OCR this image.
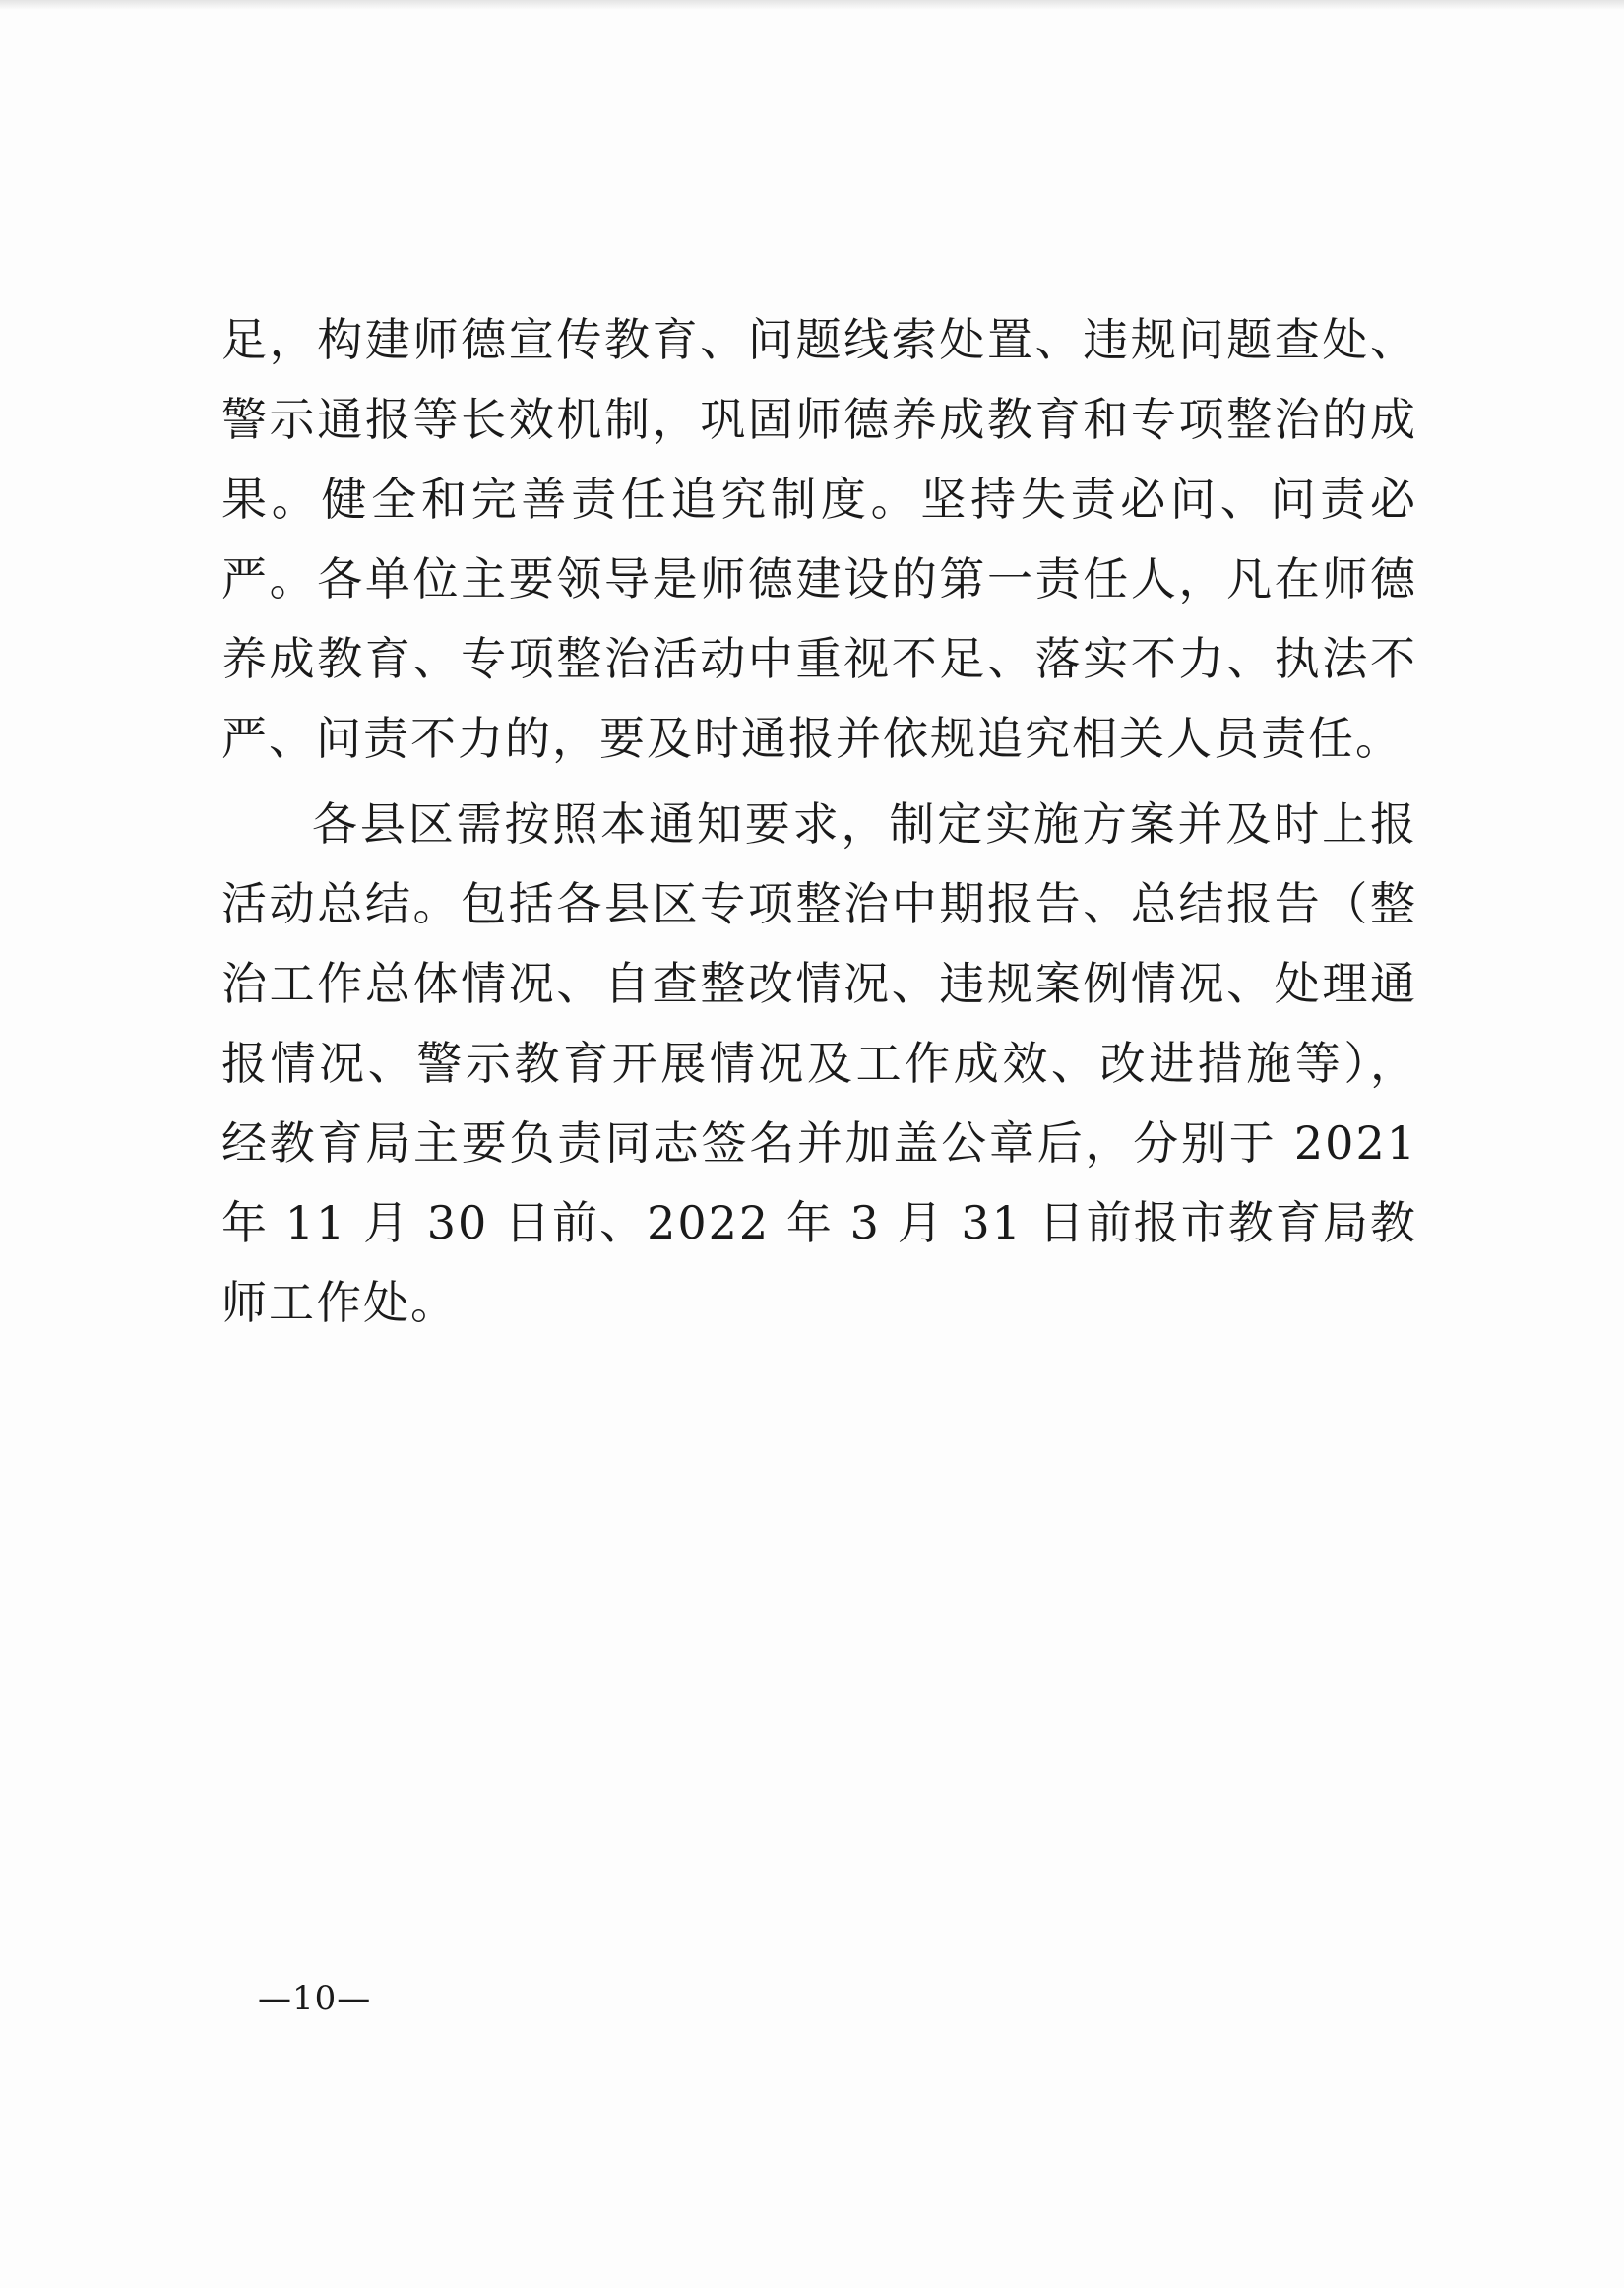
足，构建师德宣传教育、问题线索处置、违规问题查处、警示通报等长效机制，巩固师德养成教育和专项整治的成果。健全和完善责任追究制度。坚持失责必问、问责必严。各单位主要领导是师德建设的第一责任人，凡在师德养成教育、专项整治活动中重视不足、落实不力、执法不严、问责不力的，要及时通报并依规追究相关人员责任。

各县区需按照本通知要求，制定实施方案并及时上报活动总结。包括各县区专项整治中期报告、总结报告（整治工作总体情况、自查整改情况、违规案例情况、处理通报情况、警示教育开展情况及工作成效、改进措施等），经教育局主要负责同志签名并加盖公章后，分别于 2021 年 11 月 30 日前、2022 年 3 月 31 日前报市教育局教师工作处。

—10—
